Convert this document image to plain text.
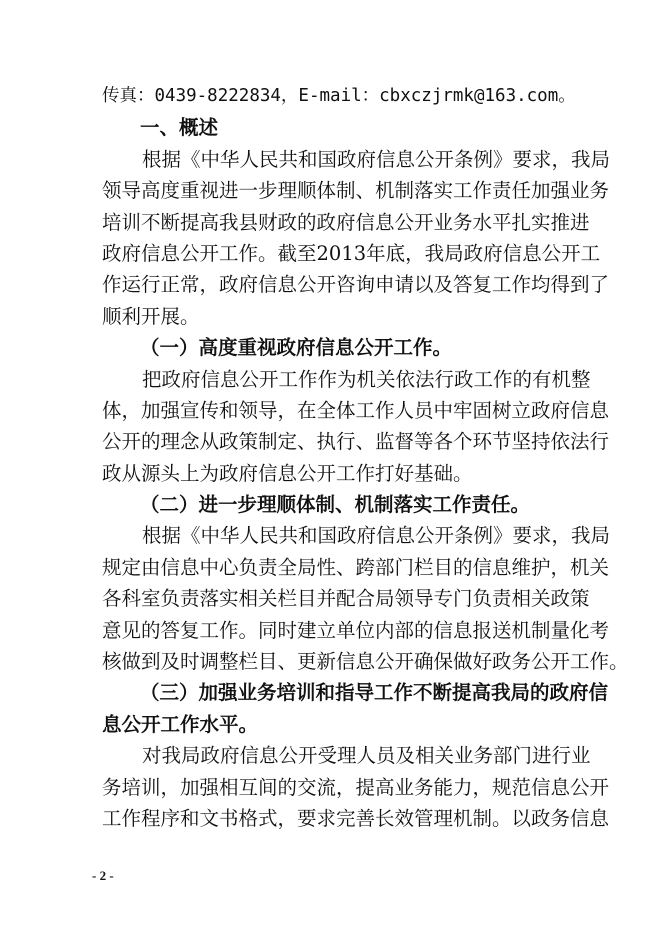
传真：0439-8222834，E-mail：cbxczjrmk@163.com。
一、概述
根据《中华人民共和国政府信息公开条例》要求，我局
领导高度重视进一步理顺体制、机制落实工作责任加强业务
培训不断提高我县财政的政府信息公开业务水平扎实推进
政府信息公开工作。截至2013年底，我局政府信息公开工
作运行正常，政府信息公开咨询申请以及答复工作均得到了
顺利开展。
（一）高度重视政府信息公开工作。
把政府信息公开工作作为机关依法行政工作的有机整
体，加强宣传和领导，在全体工作人员中牢固树立政府信息
公开的理念从政策制定、执行、监督等各个环节坚持依法行
政从源头上为政府信息公开工作打好基础。
（二）进一步理顺体制、机制落实工作责任。
根据《中华人民共和国政府信息公开条例》要求，我局
规定由信息中心负责全局性、跨部门栏目的信息维护，机关
各科室负责落实相关栏目并配合局领导专门负责相关政策
意见的答复工作。同时建立单位内部的信息报送机制量化考
核做到及时调整栏目、更新信息公开确保做好政务公开工作。
（三）加强业务培训和指导工作不断提高我局的政府信
息公开工作水平。
对我局政府信息公开受理人员及相关业务部门进行业
务培训，加强相互间的交流，提高业务能力，规范信息公开
工作程序和文书格式，要求完善长效管理机制。以政务信息
- 2 -
